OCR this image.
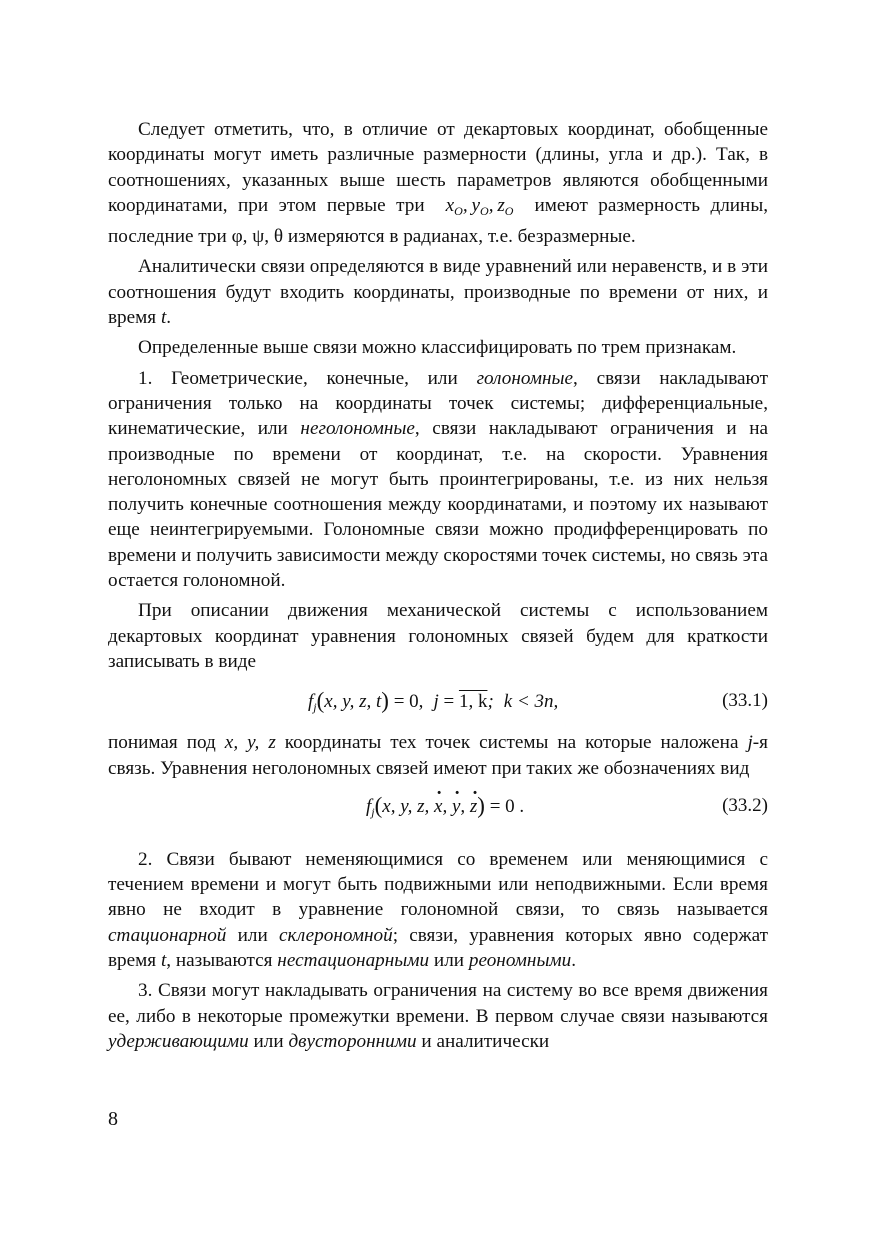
Следует отметить, что, в отличие от декартовых координат, обобщенные координаты могут иметь различные размерности (длины, угла и др.). Так, в соотношениях, указанных выше шесть параметров являются обобщенными координатами, при этом первые три $x_O$, $y_O$, $z_O$ имеют размерность длины, последние три φ, ψ, θ измеряются в радианах, т.е. безразмерные.

Аналитически связи определяются в виде уравнений или неравенств, и в эти соотношения будут входить координаты, производные по времени от них, и время t.

Определенные выше связи можно классифицировать по трем признакам.

1. Геометрические, конечные, или голономные, связи накладывают ограничения только на координаты точек системы; дифференциальные, кинематические, или неголономные, связи накладывают ограничения и на производные по времени от координат, т.е. на скорости. Уравнения неголономных связей не могут быть проинтегрированы, т.е. из них нельзя получить конечные соотношения между координатами, и поэтому их называют еще неинтегрируемыми. Голономные связи можно продифференцировать по времени и получить зависимости между скоростями точек системы, но связь эта остается голономной.

При описании движения механической системы с использованием декартовых координат уравнения голономных связей будем для краткости записывать в виде

$f_j(x$, y, z, t) = 0, j = 1, k; k < 3n,	(33.1)

понимая под x, y, z координаты тех точек системы на которые наложена j-я связь. Уравнения неголономных связей имеют при таких же обозначениях вид

$f_j(x$, y, z, x ·, y ·, z ·) = 0 .	(33.2)

2. Связи бывают неменяющимися со временем или меняющимися с течением времени и могут быть подвижными или неподвижными. Если время явно не входит в уравнение голономной связи, то связь называется стационарной или склерономной; связи, уравнения которых явно содержат время t, называются нестационарными или реономными.

3. Связи могут накладывать ограничения на систему во все время движения ее, либо в некоторые промежутки времени. В первом случае связи называются удерживающими или двусторонними и аналитически

8
